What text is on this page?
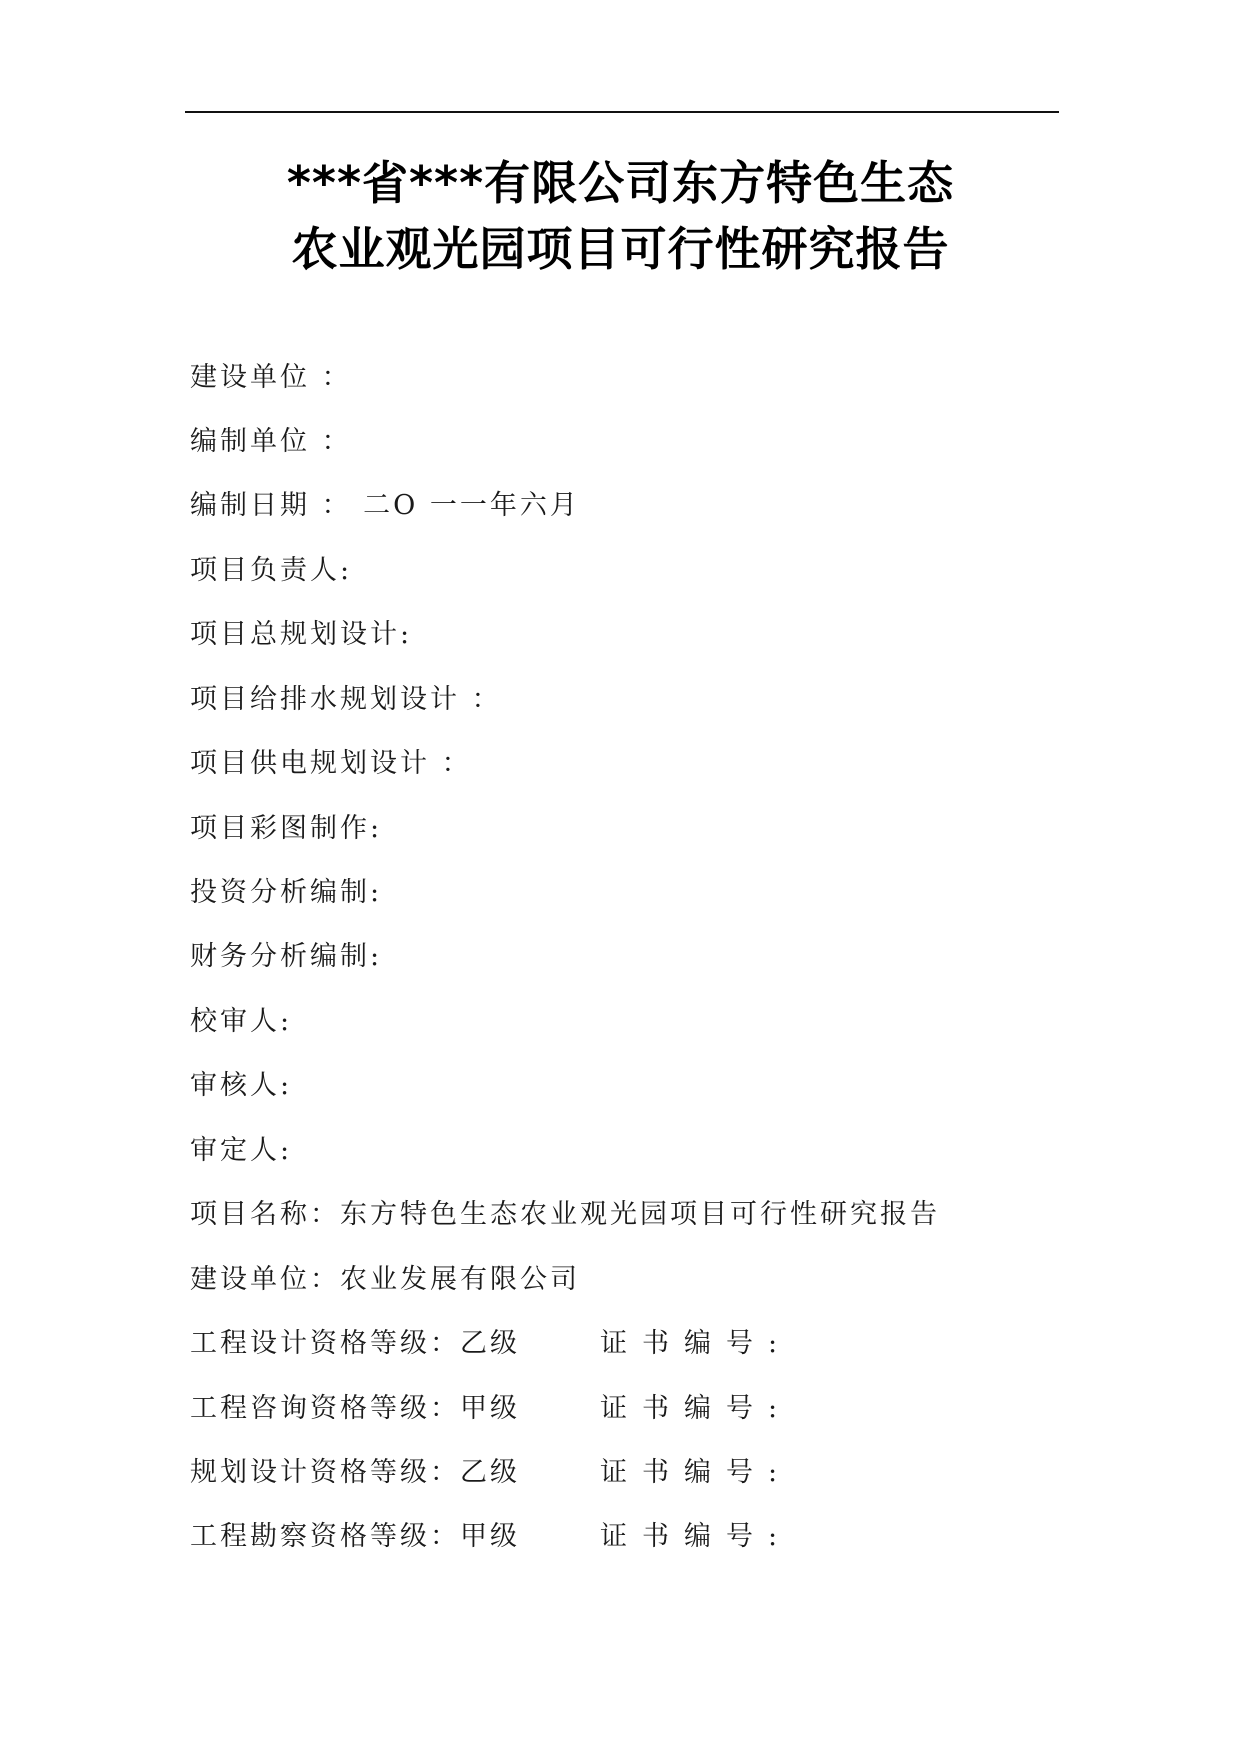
***省***有限公司东方特色生态
农业观光园项目可行性研究报告
建设单位 ：
编制单位 ：
编制日期 ： 二O 一一年六月
项目负责人:
项目总规划设计:
项目给排水规划设计 ：
项目供电规划设计 ：
项目彩图制作:
投资分析编制:
财务分析编制:
校审人:
审核人:
审定人:
项目名称：东方特色生态农业观光园项目可行性研究报告
建设单位：农业发展有限公司
工程设计资格等级：乙级	证书编号:
工程咨询资格等级：甲级	证书编号:
规划设计资格等级：乙级	证书编号:
工程勘察资格等级：甲级	证书编号:
